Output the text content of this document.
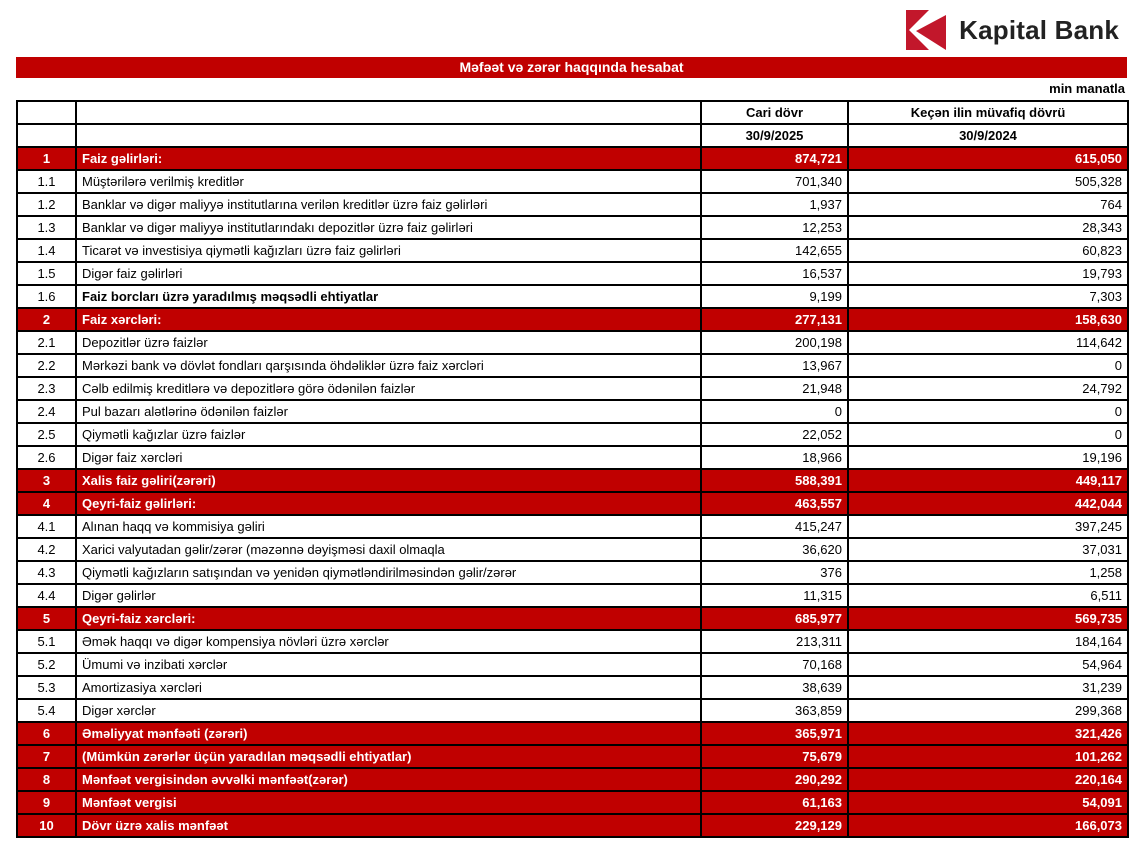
Kapital Bank
Məfəət və zərər haqqında hesabat
min manatla
		Cari dövr	Keçən ilin müvafiq dövrü
		30/9/2025	30/9/2024
1	Faiz gəlirləri:	874,721	615,050
1.1	Müştərilərə verilmiş kreditlər	701,340	505,328
1.2	Banklar və digər maliyyə institutlarına verilən kreditlər üzrə faiz gəlirləri	1,937	764
1.3	Banklar və digər maliyyə institutlarındakı depozitlər üzrə faiz gəlirləri	12,253	28,343
1.4	Ticarət və investisiya qiymətli kağızları üzrə faiz gəlirləri	142,655	60,823
1.5	Digər faiz gəlirləri	16,537	19,793
1.6	Faiz borcları üzrə yaradılmış məqsədli ehtiyatlar	9,199	7,303
2	Faiz xərcləri:	277,131	158,630
2.1	Depozitlər üzrə faizlər	200,198	114,642
2.2	Mərkəzi bank və dövlət fondları qarşısında öhdəliklər üzrə faiz xərcləri	13,967	0
2.3	Cəlb edilmiş kreditlərə və depozitlərə görə ödənilən faizlər	21,948	24,792
2.4	Pul bazarı alətlərinə ödənilən faizlər	0	0
2.5	Qiymətli kağızlar üzrə faizlər	22,052	0
2.6	Digər faiz xərcləri	18,966	19,196
3	Xalis faiz gəliri(zərəri)	588,391	449,117
4	Qeyri-faiz gəlirləri:	463,557	442,044
4.1	Alınan haqq və kommisiya gəliri	415,247	397,245
4.2	Xarici valyutadan gəlir/zərər (məzənnə dəyişməsi daxil olmaqla	36,620	37,031
4.3	Qiymətli kağızların satışından və yenidən qiymətləndirilməsindən gəlir/zərər	376	1,258
4.4	Digər gəlirlər	11,315	6,511
5	Qeyri-faiz xərcləri:	685,977	569,735
5.1	Əmək haqqı və digər kompensiya növləri üzrə xərclər	213,311	184,164
5.2	Ümumi və inzibati xərclər	70,168	54,964
5.3	Amortizasiya xərcləri	38,639	31,239
5.4	Digər xərclər	363,859	299,368
6	Əməliyyat mənfəəti (zərəri)	365,971	321,426
7	(Mümkün zərərlər üçün yaradılan məqsədli ehtiyatlar)	75,679	101,262
8	Mənfəət vergisindən əvvəlki mənfəət(zərər)	290,292	220,164
9	Mənfəət vergisi	61,163	54,091
10	Dövr üzrə xalis mənfəət	229,129	166,073
